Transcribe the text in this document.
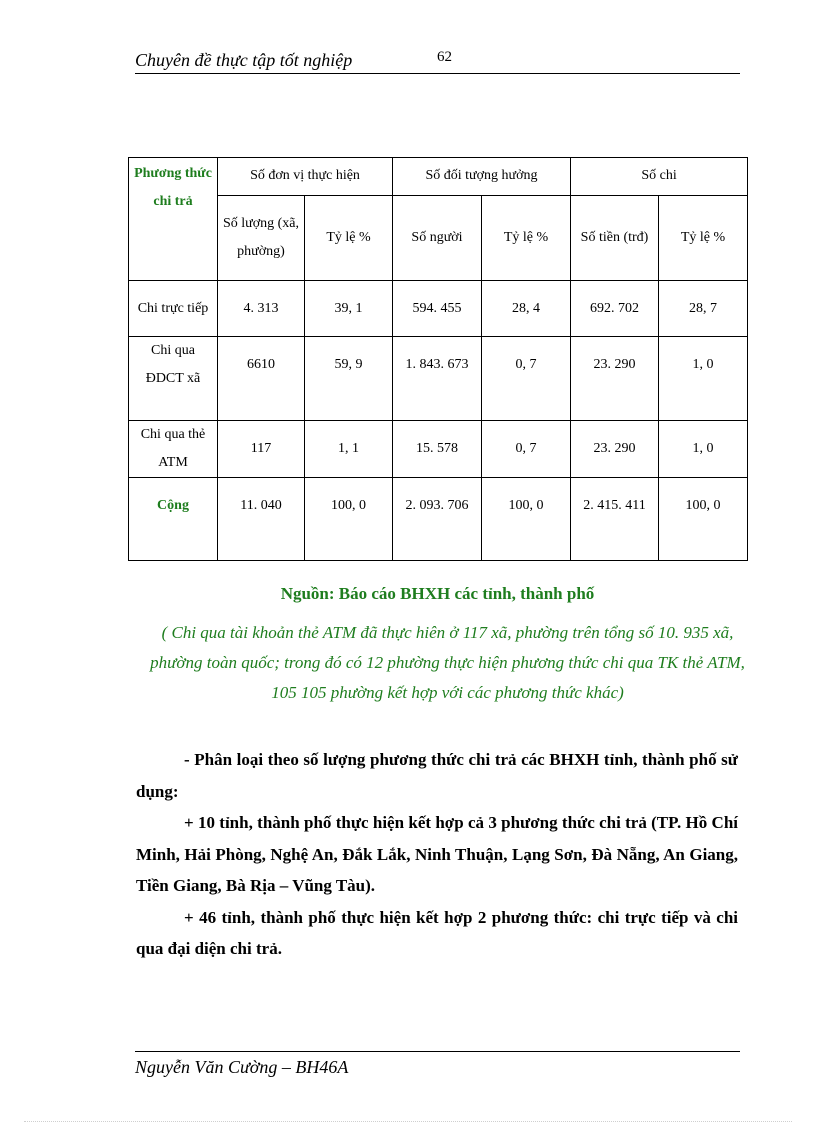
Chuyên đề thực tập tốt nghiệp	62
Phương thức chi trả	Số đơn vị thực hiện		Số đối tượng hưởng		Số chi	
	Số lượng (xã, phường)	Tỷ lệ %	Số người	Tỷ lệ %	Số tiền (trđ)	Tỷ lệ %
Chi trực tiếp	4. 313	39, 1	594. 455	28, 4	692. 702	28, 7
Chi qua ĐDCT xã	6610	59, 9	1. 843. 673	0, 7	23. 290	1, 0
Chi qua thẻ ATM	117	1, 1	15. 578	0, 7	23. 290	1, 0
Cộng	11. 040	100, 0	2. 093. 706	100, 0	2. 415. 411	100, 0
Nguồn: Báo cáo BHXH các tỉnh, thành phố
( Chi qua tài khoản thẻ ATM đã thực hiên ở 117 xã, phường trên tổng số 10. 935 xã, phường toàn quốc; trong đó có 12 phường thực hiện phương thức chi qua TK thẻ ATM, 105 105 phường kết hợp với các phương thức khác)

- Phân loại theo số lượng phương thức chi trả các BHXH tỉnh, thành phố sử dụng:

+ 10 tỉnh, thành phố thực hiện kết hợp cả 3 phương thức chi trả (TP. Hồ Chí Minh, Hải Phòng, Nghệ An, Đắk Lắk, Ninh Thuận, Lạng Sơn, Đà Nẵng, An Giang, Tiền Giang, Bà Rịa – Vũng Tàu).

+ 46 tỉnh, thành phố thực hiện kết hợp 2 phương thức: chi trực tiếp và chi qua đại diện chi trả.

Nguyễn Văn Cường – BH46A
